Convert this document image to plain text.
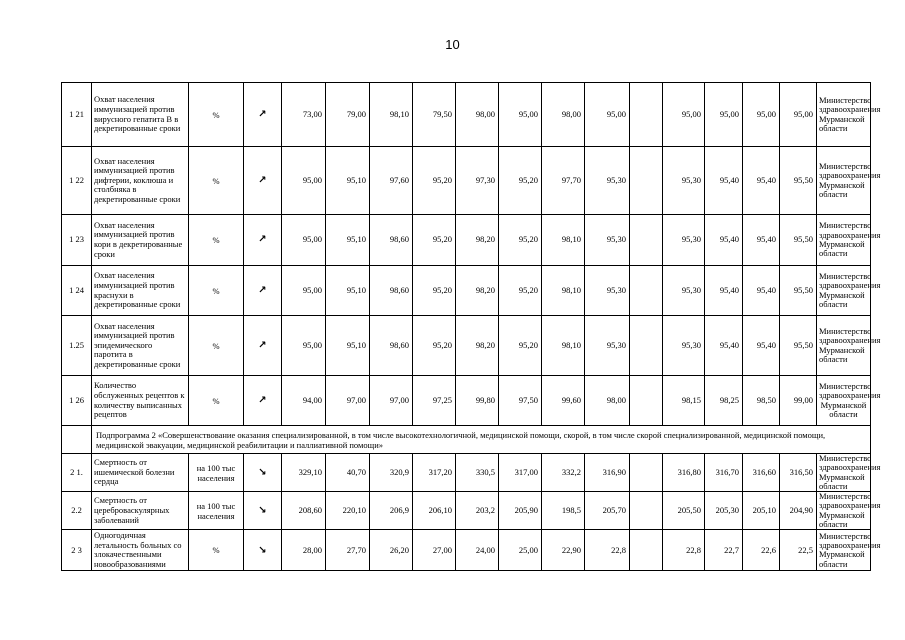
10
1 21	Охват населения иммунизацией против вирусного гепатита В в декретированные сроки	%	↗	73,00	79,00	98,10	79,50	98,00	95,00	98,00	95,00		95,00	95,00	95,00	95,00	Министерство здравоохранения Мурманской области
1 22	Охват населения иммунизацией против дифтерии, коклюша и столбняка в декретированные сроки	%	↗	95,00	95,10	97,60	95,20	97,30	95,20	97,70	95,30		95,30	95,40	95,40	95,50	Министерство здравоохранения Мурманской области
1 23	Охват населения иммунизацией против кори в декретированные сроки	%	↗	95,00	95,10	98,60	95,20	98,20	95,20	98,10	95,30		95,30	95,40	95,40	95,50	Министерство здравоохранения Мурманской области
1 24	Охват населения иммунизацией против краснухи в декретированные сроки	%	↗	95,00	95,10	98,60	95,20	98,20	95,20	98,10	95,30		95,30	95,40	95,40	95,50	Министерство здравоохранения Мурманской области
1.25	Охват населения иммунизацией против эпидемического паротита в декретированные сроки	%	↗	95,00	95,10	98,60	95,20	98,20	95,20	98,10	95,30		95,30	95,40	95,40	95,50	Министерство здравоохранения Мурманской области
1 26	Количество обслуженных рецептов к количеству выписанных рецептов	%	↗	94,00	97,00	97,00	97,25	99,80	97,50	99,60	98,00		98,15	98,25	98,50	99,00	Министерство здравоохранения Мурманской области
	Подпрограмма 2 «Совершенствование оказания специализированной, в том числе высокотехнологичной, медицинской помощи, скорой, в том числе скорой специализированной, медицинской помощи, медицинской эвакуации, медицинской реабилитации и паллиативной помощи»																
2 1.	Смертность от ишемической болезни сердца	на 100 тыс населения	↘	329,10	40,70	320,9	317,20	330,5	317,00	332,2	316,90		316,80	316,70	316,60	316,50	Министерство здравоохранения Мурманской области
2.2	Смертность от цереброваскулярных заболеваний	на 100 тыс населения	↘	208,60	220,10	206,9	206,10	203,2	205,90	198,5	205,70		205,50	205,30	205,10	204,90	Министерство здравоохранения Мурманской области
2 3	Одногодичная летальность больных со злокачественными новообразованиями	%	↘	28,00	27,70	26,20	27,00	24,00	25,00	22,90	22,8		22,8	22,7	22,6	22,5	Министерство здравоохранения Мурманской области
